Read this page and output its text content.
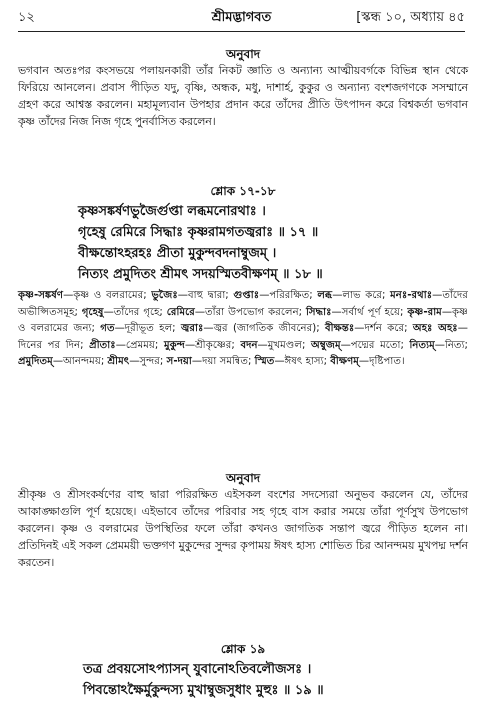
১২	শ্রীমদ্ভাগবত	[স্কন্ধ ১০, অধ্যায় ৪৫
অনুবাদ
ভগবান অতঃপর কংসভয়ে পলায়নকারী তাঁর নিকট জ্ঞাতি ও অন্যান্য আত্মীয়বর্গকে বিভিন্ন স্থান থেকে ফিরিয়ে আনলেন। প্রবাস পীড়িত যদু, বৃষ্ণি, অন্ধক, মধু, দাশার্হ, কুকুর ও অন্যান্য বংশজগণকে সসম্মানে গ্রহণ করে আশ্বস্ত করলেন। মহামূল্যবান উপহার প্রদান করে তাঁদের প্রীতি উৎপাদন করে বিশ্বকর্তা ভগবান কৃষ্ণ তাঁদের নিজ নিজ গৃহে পুনর্বাসিত করলেন।
শ্লোক ১৭-১৮
কৃষ্ণসঙ্কর্ষণভুজৈর্গুপ্তা লব্ধমনোরথাঃ ।
গৃহেষু রেমিরে সিদ্ধাঃ কৃষ্ণরামগতজ্বরাঃ ॥ ১৭ ॥
বীক্ষন্তোঽহরহঃ প্রীতা মুকুন্দবদনাম্বুজম্ ।
নিত্যং প্রমুদিতং শ্রীমৎ সদয়স্মিতবীক্ষণম্ ॥ ১৮ ॥
কৃষ্ণ-সঙ্কর্ষণ—কৃষ্ণ ও বলরামের; ভুজৈঃ—বাহু দ্বারা; গুপ্তাঃ—পরিরক্ষিত; লব্ধ—লাভ করে; মনঃ-রথাঃ—তাঁদের অভীপ্সিতসমূহ; গৃহেষু—তাঁদের গৃহে; রেমিরে—তাঁরা উপভোগ করলেন; সিদ্ধাঃ—সর্বার্থ পূর্ণ হয়ে; কৃষ্ণ-রাম—কৃষ্ণ ও বলরামের জন্য; গত—দূরীভূত হল; জ্বরাঃ—জ্বর (জাগতিক জীবনের); বীক্ষন্তঃ—দর্শন করে; অহঃ অহঃ—দিনের পর দিন; প্রীতাঃ—প্রেমময়; মুকুন্দ—শ্রীকৃষ্ণের; বদন—মুখমণ্ডল; অম্বুজম্—পদ্মের মতো; নিত্যম্—নিত্য; প্রমুদিতম্—আনন্দময়; শ্রীমৎ—সুন্দর; স-দয়া—দয়া সমন্বিত; স্মিত—ঈষৎ হাস্য; বীক্ষণম্—দৃষ্টিপাত।
অনুবাদ
শ্রীকৃষ্ণ ও শ্রীসংকর্ষণের বাহু দ্বারা পরিরক্ষিত এইসকল বংশের সদস্যেরা অনুভব করলেন যে, তাঁদের আকাঙ্ক্ষাগুলি পূর্ণ হয়েছে। এইভাবে তাঁদের পরিবার সহ গৃহে বাস করার সময়ে তাঁরা পূর্ণসুখ উপভোগ করলেন। কৃষ্ণ ও বলরামের উপস্থিতির ফলে তাঁরা কখনও জাগতিক সন্তাপ জ্বরে পীড়িত হলেন না। প্রতিদিনই এই সকল প্রেমময়ী ভক্তগণ মুকুন্দের সুন্দর কৃপাময় ঈষৎ হাস্য শোভিত চির আনন্দময় মুখপদ্ম দর্শন করতেন।
শ্লোক ১৯
তত্র প্রবয়সোঽপ্যাসন্ যুবানোঽতিবলৌজসঃ ।
পিবন্তোঽক্ষৈর্মুকুন্দস্য মুখাম্বুজসুধাং মুহুঃ ॥ ১৯ ॥
